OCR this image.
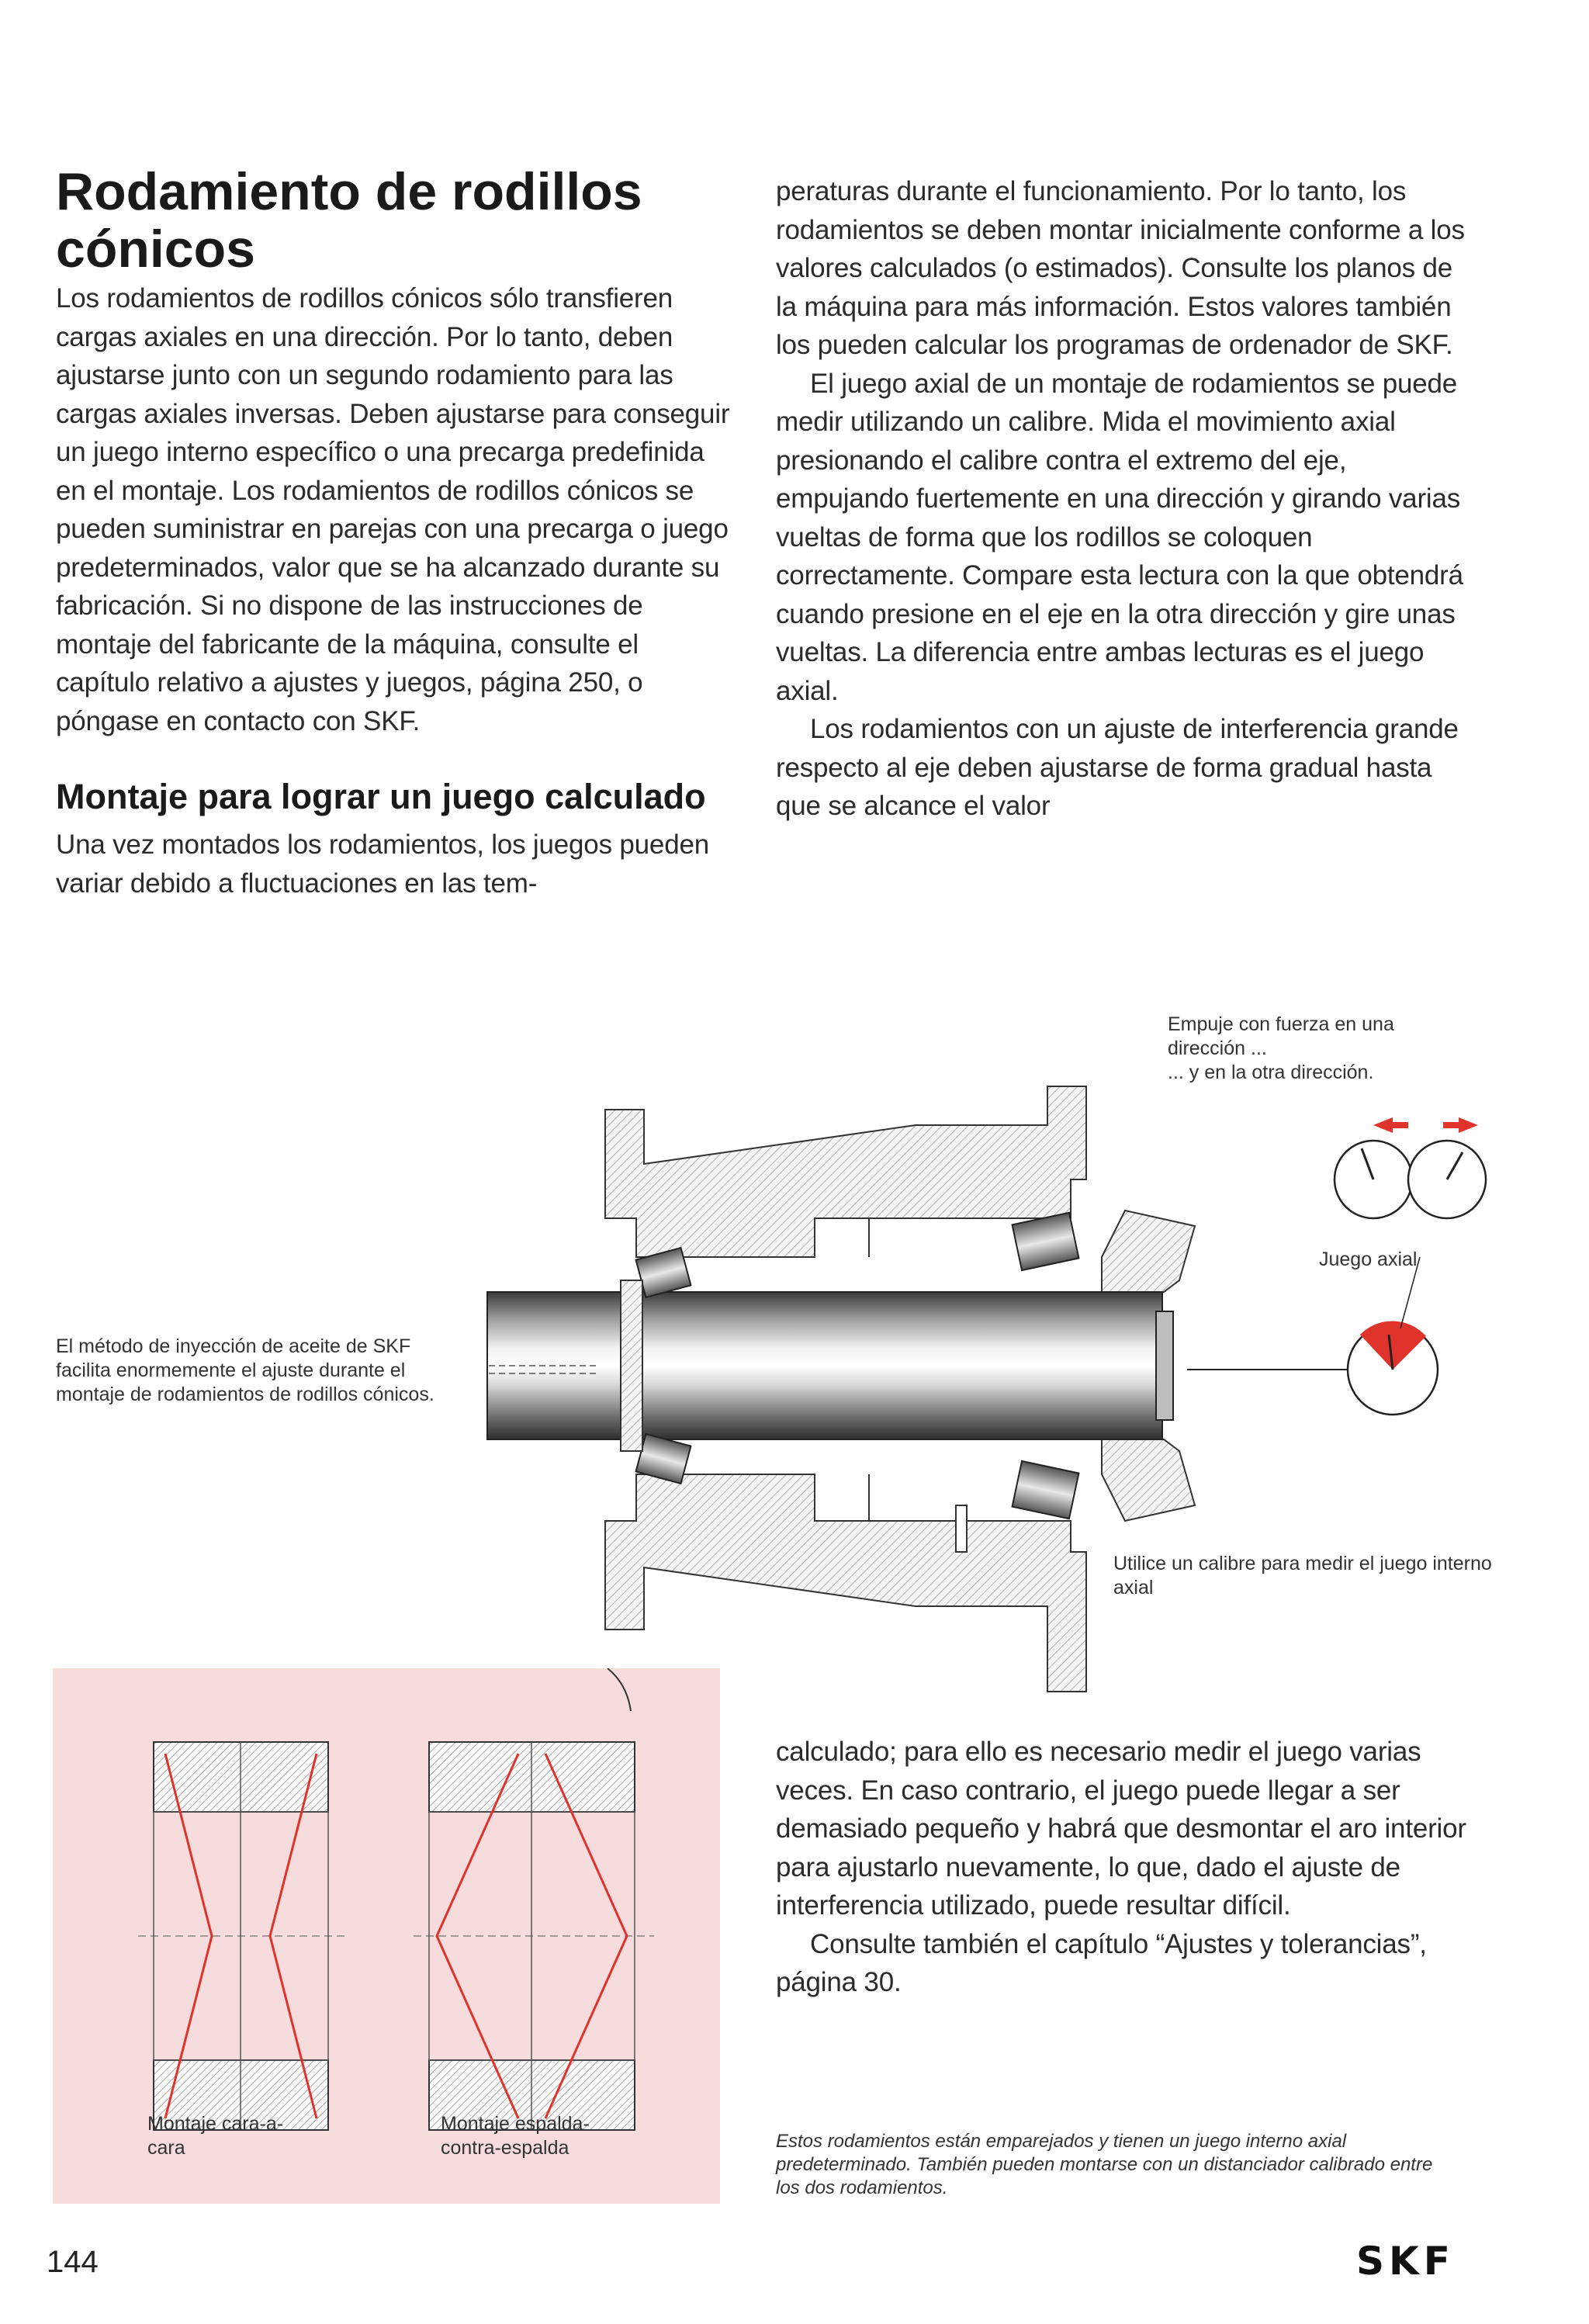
Rodamiento de rodillos cónicos

Los rodamientos de rodillos cónicos sólo transfieren cargas axiales en una dirección. Por lo tanto, deben ajustarse junto con un segundo rodamiento para las cargas axiales inversas. Deben ajustarse para conseguir un juego interno específico o una precarga predefinida en el montaje. Los rodamientos de rodillos cónicos se pueden suministrar en parejas con una precarga o juego predeterminados, valor que se ha alcanzado durante su fabricación. Si no dispone de las instrucciones de montaje del fabricante de la máquina, consulte el capítulo relativo a ajustes y juegos, página 250, o póngase en contacto con SKF.

Montaje para lograr un juego calculado

Una vez montados los rodamientos, los juegos pueden variar debido a fluctuaciones en las tem-

peraturas durante el funcionamiento. Por lo tanto, los rodamientos se deben montar inicialmente conforme a los valores calculados (o estimados). Consulte los planos de la máquina para más información. Estos valores también los pueden calcular los programas de ordenador de SKF.

El juego axial de un montaje de rodamientos se puede medir utilizando un calibre. Mida el movimiento axial presionando el calibre contra el extremo del eje, empujando fuertemente en una dirección y girando varias vueltas de forma que los rodillos se coloquen correctamente. Compare esta lectura con la que obtendrá cuando presione en el eje en la otra dirección y gire unas vueltas. La diferencia entre ambas lecturas es el juego axial.

Los rodamientos con un ajuste de interferencia grande respecto al eje deben ajustarse de forma gradual hasta que se alcance el valor

Empuje con fuerza en una dirección ...
... y en la otra dirección.
Juego axial
El método de inyección de aceite de SKF facilita enormemente el ajuste durante el montaje de rodamientos de rodillos cónicos.
Utilice un calibre para medir el juego interno axial
Montaje cara-a-
cara
Montaje espalda-
contra-espalda

calculado; para ello es necesario medir el juego varias veces. En caso contrario, el juego puede llegar a ser demasiado pequeño y habrá que desmontar el aro interior para ajustarlo nuevamente, lo que, dado el ajuste de interferencia utilizado, puede resultar difícil.

Consulte también el capítulo “Ajustes y tolerancias”, página 30.

Estos rodamientos están emparejados y tienen un juego interno axial predeterminado. También pueden montarse con un distanciador calibrado entre los dos rodamientos.
144	SKF
